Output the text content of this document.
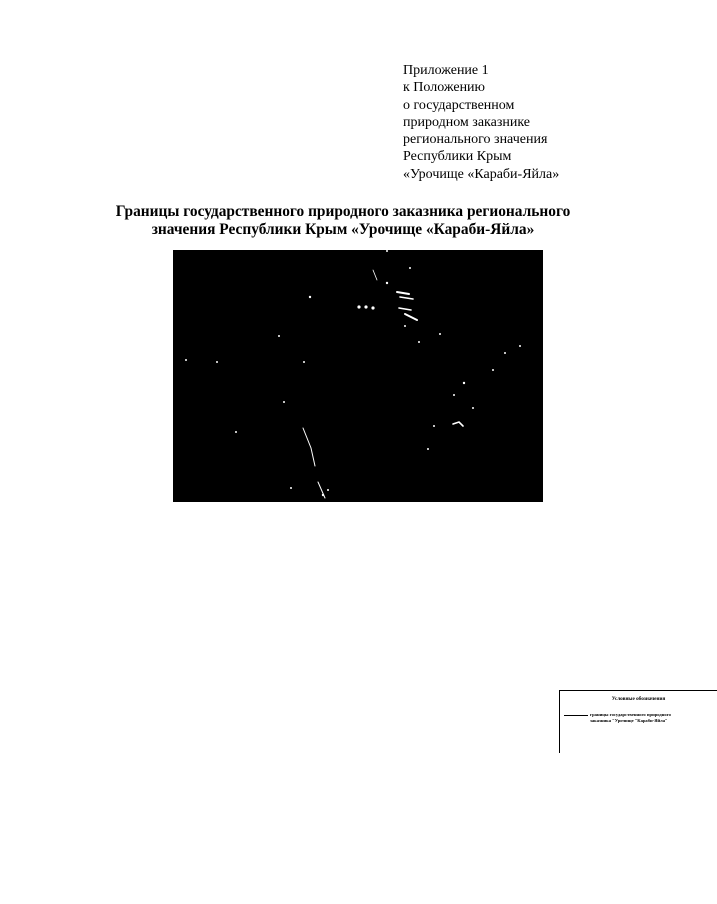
Приложение 1
к Положению
о государственном
природном заказнике
регионального значения
Республики Крым
«Урочище «Караби-Яйла»
Границы государственного природного заказника регионального
значения Республики Крым «Урочище «Караби-Яйла»
Условные обозначения
границы государственного природного
заказника "Урочище "Караби-Яйла"
